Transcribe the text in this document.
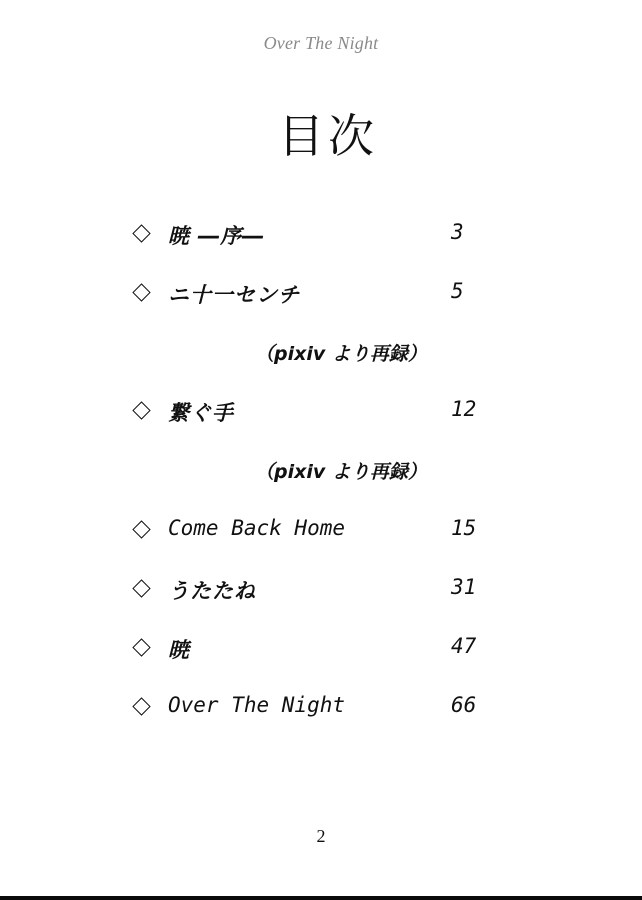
Over The Night
目次
暁 ―序―	3
ニ十一センチ	5
（pixiv より再録）
繋ぐ手	12
（pixiv より再録）
Come Back Home	15
うたたね	31
暁	47
Over The Night	66
2
